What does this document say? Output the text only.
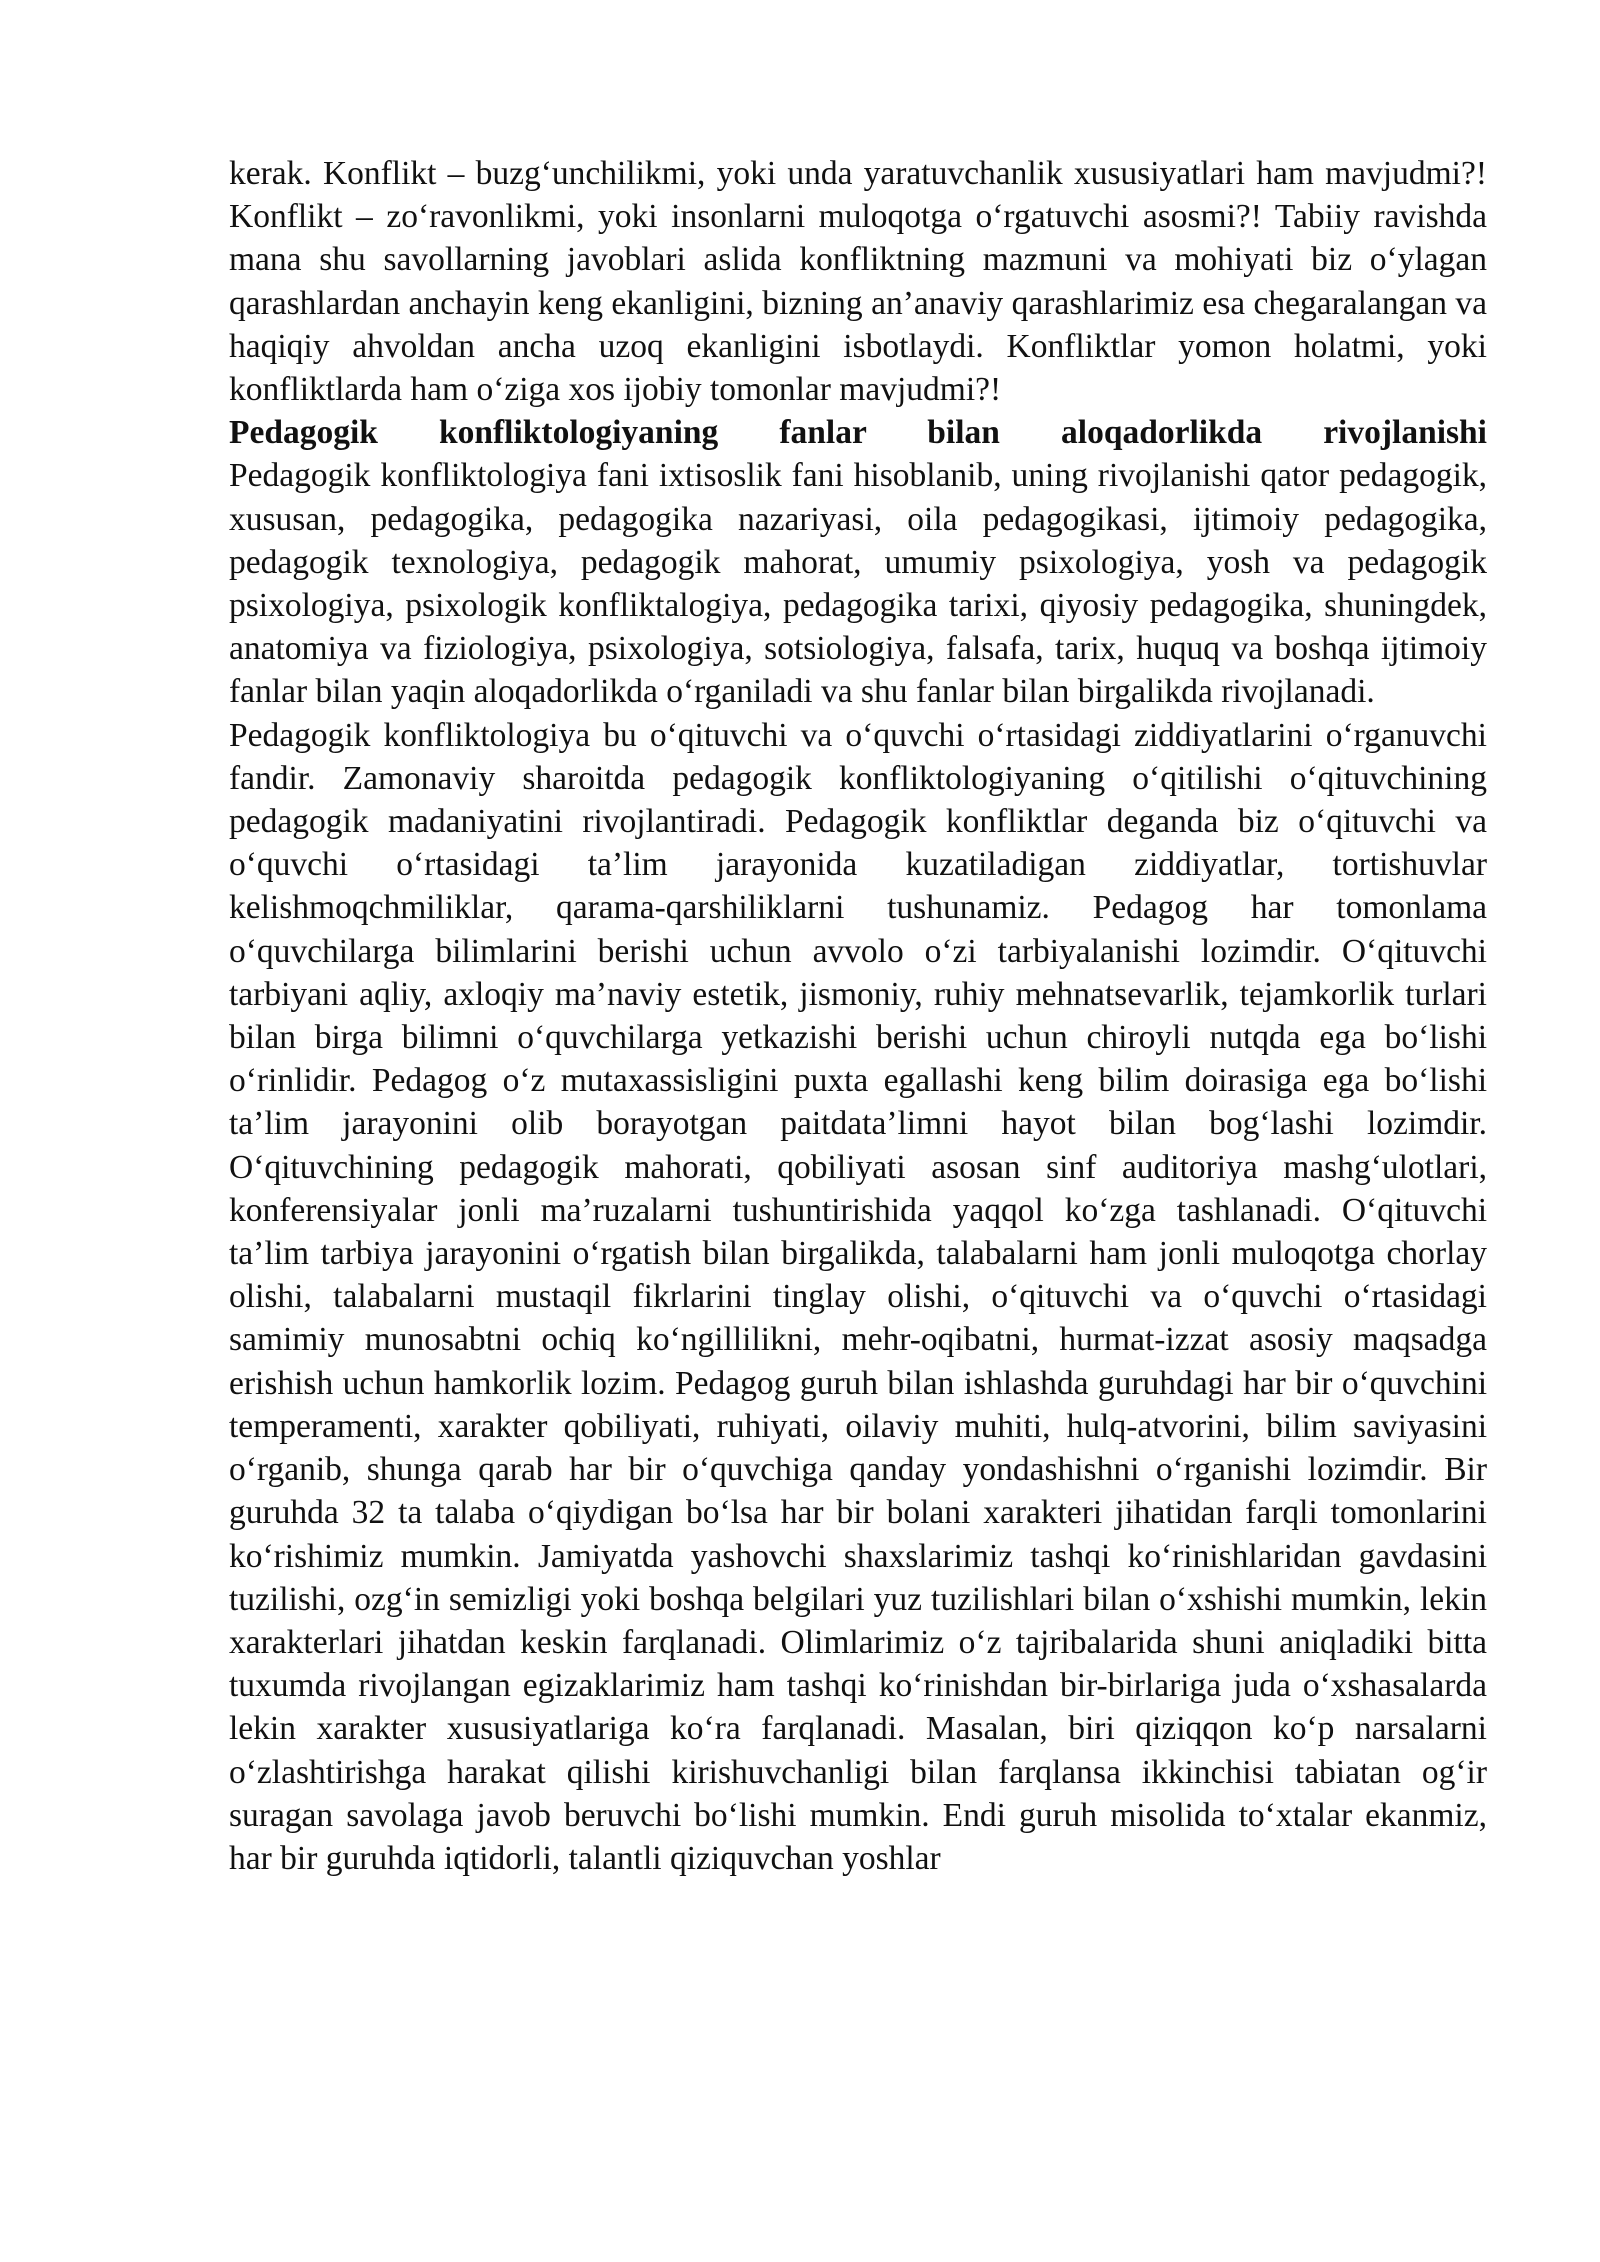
kerak. Konflikt – buzg‘unchilikmi, yoki unda yaratuvchanlik xususiyatlari ham mavjudmi?! Konflikt – zo‘ravonlikmi, yoki insonlarni muloqotga o‘rgatuvchi asosmi?! Tabiiy ravishda mana shu savollarning javoblari aslida konfliktning mazmuni va mohiyati biz o‘ylagan qarashlardan anchayin keng ekanligini, bizning an’anaviy qarashlarimiz esa chegaralangan va haqiqiy ahvoldan ancha uzoq ekanligini isbotlaydi. Konfliktlar yomon holatmi, yoki konfliktlarda ham o‘ziga xos ijobiy tomonlar mavjudmi?!

Pedagogik konfliktologiyaning fanlar bilan aloqadorlikda rivojlanishi

Pedagogik konfliktologiya fani ixtisoslik fani hisoblanib, uning rivojlanishi qator pedagogik, xususan, pedagogika, pedagogika nazariyasi, oila pedagogikasi, ijtimoiy pedagogika, pedagogik texnologiya, pedagogik mahorat, umumiy psixologiya, yosh va pedagogik psixologiya, psixologik konfliktalogiya, pedagogika tarixi, qiyosiy pedagogika, shuningdek, anatomiya va fiziologiya, psixologiya, sotsiologiya, falsafa, tarix, huquq va boshqa ijtimoiy fanlar bilan yaqin aloqadorlikda o‘rganiladi va shu fanlar bilan birgalikda rivojlanadi.

Pedagogik konfliktologiya bu o‘qituvchi va o‘quvchi o‘rtasidagi ziddiyatlarini o‘rganuvchi fandir. Zamonaviy sharoitda pedagogik konfliktologiyaning o‘qitilishi o‘qituvchining pedagogik madaniyatini rivojlantiradi. Pedagogik konfliktlar deganda biz o‘qituvchi va o‘quvchi o‘rtasidagi ta’lim jarayonida kuzatiladigan ziddiyatlar, tortishuvlar kelishmoqchmiliklar, qarama-qarshiliklarni tushunamiz. Pedagog har tomonlama o‘quvchilarga bilimlarini berishi uchun avvolo o‘zi tarbiyalanishi lozimdir. O‘qituvchi tarbiyani aqliy, axloqiy ma’naviy estetik, jismoniy, ruhiy mehnatsevarlik, tejamkorlik turlari bilan birga bilimni o‘quvchilarga yetkazishi berishi uchun chiroyli nutqda ega bo‘lishi o‘rinlidir. Pedagog o‘z mutaxassisligini puxta egallashi keng bilim doirasiga ega bo‘lishi ta’lim jarayonini olib borayotgan paitdata’limni hayot bilan bog‘lashi lozimdir. O‘qituvchining pedagogik mahorati, qobiliyati asosan sinf auditoriya mashg‘ulotlari, konferensiyalar jonli ma’ruzalarni tushuntirishida yaqqol ko‘zga tashlanadi. O‘qituvchi ta’lim tarbiya jarayonini o‘rgatish bilan birgalikda, talabalarni ham jonli muloqotga chorlay olishi, talabalarni mustaqil fikrlarini tinglay olishi, o‘qituvchi va o‘quvchi o‘rtasidagi samimiy munosabtni ochiq ko‘ngillilikni, mehr-oqibatni, hurmat-izzat asosiy maqsadga erishish uchun hamkorlik lozim. Pedagog guruh bilan ishlashda guruhdagi har bir o‘quvchini temperamenti, xarakter qobiliyati, ruhiyati, oilaviy muhiti, hulq-atvorini, bilim saviyasini o‘rganib, shunga qarab har bir o‘quvchiga qanday yondashishni o‘rganishi lozimdir. Bir guruhda 32 ta talaba o‘qiydigan bo‘lsa har bir bolani xarakteri jihatidan farqli tomonlarini ko‘rishimiz mumkin. Jamiyatda yashovchi shaxslarimiz tashqi ko‘rinishlaridan gavdasini tuzilishi, ozg‘in semizligi yoki boshqa belgilari yuz tuzilishlari bilan o‘xshishi mumkin, lekin xarakterlari jihatdan keskin farqlanadi. Olimlarimiz o‘z tajribalarida shuni aniqladiki bitta tuxumda rivojlangan egizaklarimiz ham tashqi ko‘rinishdan bir-birlariga juda o‘xshasalarda lekin xarakter xususiyatlariga ko‘ra farqlanadi. Masalan, biri qiziqqon ko‘p narsalarni o‘zlashtirishga harakat qilishi kirishuvchanligi bilan farqlansa ikkinchisi tabiatan og‘ir suragan savolaga javob beruvchi bo‘lishi mumkin. Endi guruh misolida to‘xtalar ekanmiz, har bir guruhda iqtidorli, talantli qiziquvchan yoshlar
